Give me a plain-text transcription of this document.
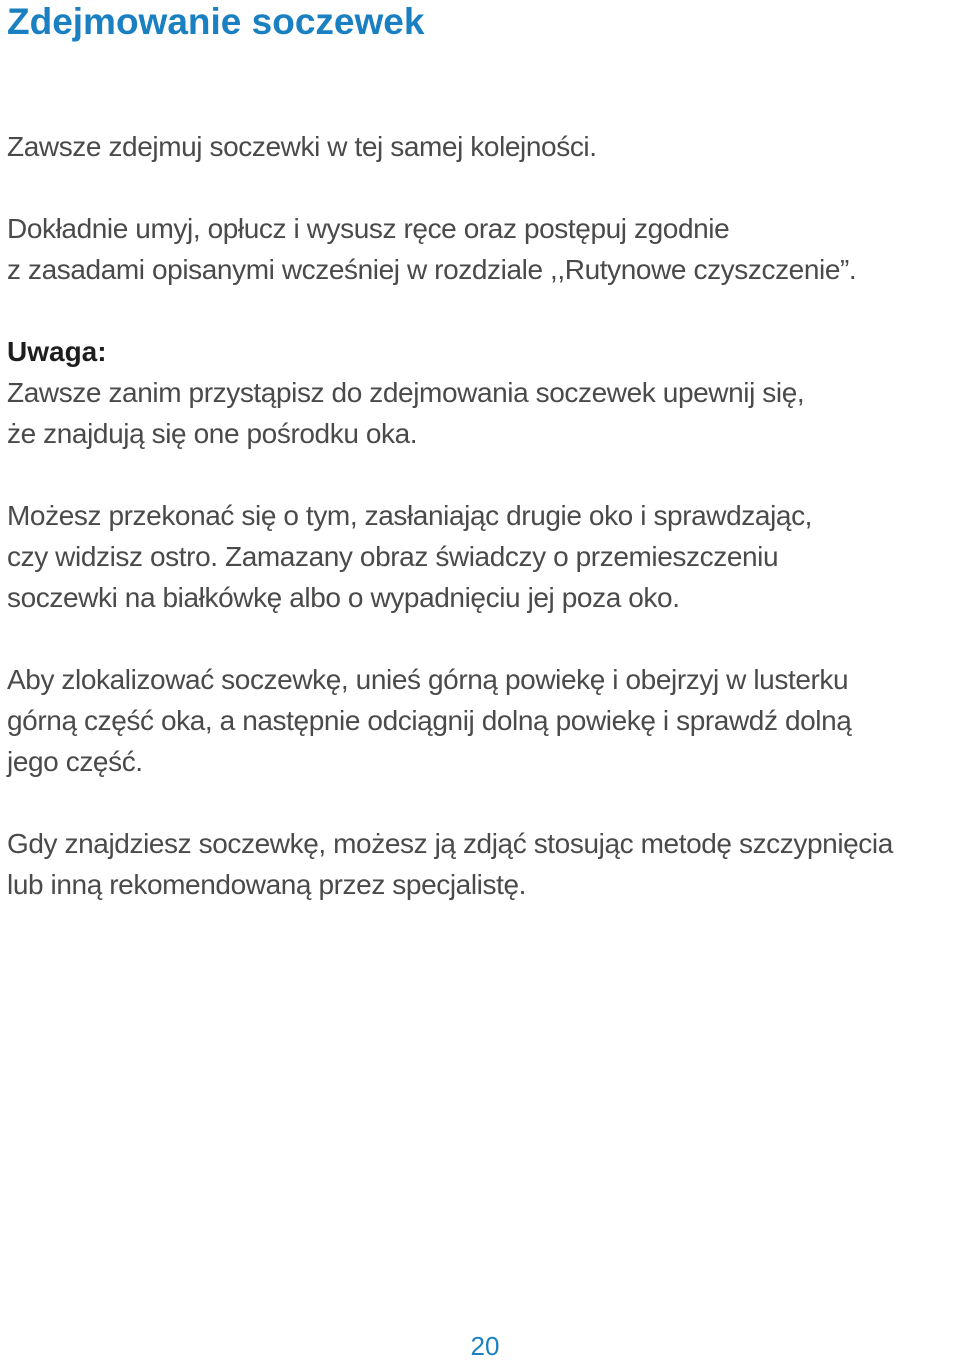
Zdejmowanie soczewek

Zawsze zdejmuj soczewki w tej samej kolejności.

Dokładnie umyj, opłucz i wysusz ręce oraz postępuj zgodnie
z zasadami opisanymi wcześniej w rozdziale ,,Rutynowe czyszczenie”.

Uwaga:
Zawsze zanim przystąpisz do zdejmowania soczewek upewnij się,
że znajdują się one pośrodku oka.

Możesz przekonać się o tym, zasłaniając drugie oko i sprawdzając,
czy widzisz ostro. Zamazany obraz świadczy o przemieszczeniu
soczewki na białkówkę albo o wypadnięciu jej poza oko.

Aby zlokalizować soczewkę, unieś górną powiekę i obejrzyj w lusterku
górną część oka, a następnie odciągnij dolną powiekę i sprawdź dolną
jego część.

Gdy znajdziesz soczewkę, możesz ją zdjąć stosując metodę szczypnięcia
lub inną rekomendowaną przez specjalistę.

20
